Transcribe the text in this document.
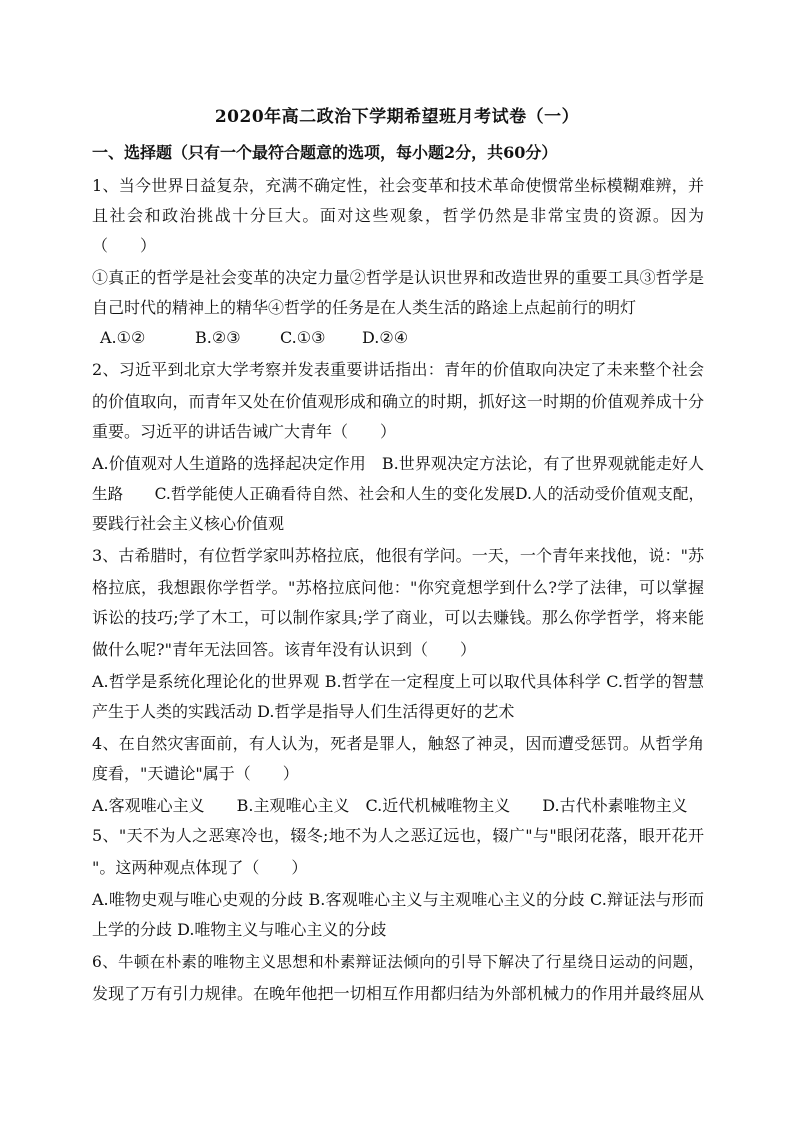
2020年高二政治下学期希望班月考试卷（一）
一、选择题（只有一个最符合题意的选项，每小题2分，共60分）
1、当今世界日益复杂，充满不确定性，社会变革和技术革命使惯常坐标模糊难辨，并
且社会和政治挑战十分巨大。面对这些观象，哲学仍然是非常宝贵的资源。因为
（　　）
①真正的哲学是社会变革的决定力量②哲学是认识世界和改造世界的重要工具③哲学是
自己时代的精神上的精华④哲学的任务是在人类生活的路途上点起前行的明灯
A.①②	B.②③ C.①③ D.②④
2、习近平到北京大学考察并发表重要讲话指出：青年的价值取向决定了未来整个社会
的价值取向，而青年又处在价值观形成和确立的时期，抓好这一时期的价值观养成十分
重要。习近平的讲话告诫广大青年（　　）
A.价值观对人生道路的选择起决定作用　B.世界观决定方法论，有了世界观就能走好人
生路　　C.哲学能使人正确看待自然、社会和人生的变化发展D.人的活动受价值观支配，
要践行社会主义核心价值观
3、古希腊时，有位哲学家叫苏格拉底，他很有学问。一天，一个青年来找他，说："苏
格拉底，我想跟你学哲学。"苏格拉底问他："你究竟想学到什么?学了法律，可以掌握
诉讼的技巧;学了木工，可以制作家具;学了商业，可以去赚钱。那么你学哲学，将来能
做什么呢?"青年无法回答。该青年没有认识到（　　）
A.哲学是系统化理论化的世界观 B.哲学在一定程度上可以取代具体科学 C.哲学的智慧
产生于人类的实践活动 D.哲学是指导人们生活得更好的艺术
4、在自然灾害面前，有人认为，死者是罪人，触怒了神灵，因而遭受惩罚。从哲学角
度看，"天谴论"属于（　　）
A.客观唯心主义　　B.主观唯心主义　C.近代机械唯物主义　　D.古代朴素唯物主义
5、"天不为人之恶寒冷也，辍冬;地不为人之恶辽远也，辍广"与"眼闭花落，眼开花开
"。这两种观点体现了（　　）
A.唯物史观与唯心史观的分歧 B.客观唯心主义与主观唯心主义的分歧 C.辩证法与形而
上学的分歧 D.唯物主义与唯心主义的分歧
6、牛顿在朴素的唯物主义思想和朴素辩证法倾向的引导下解决了行星绕日运动的问题，
发现了万有引力规律。在晚年他把一切相互作用都归结为外部机械力的作用并最终屈从
